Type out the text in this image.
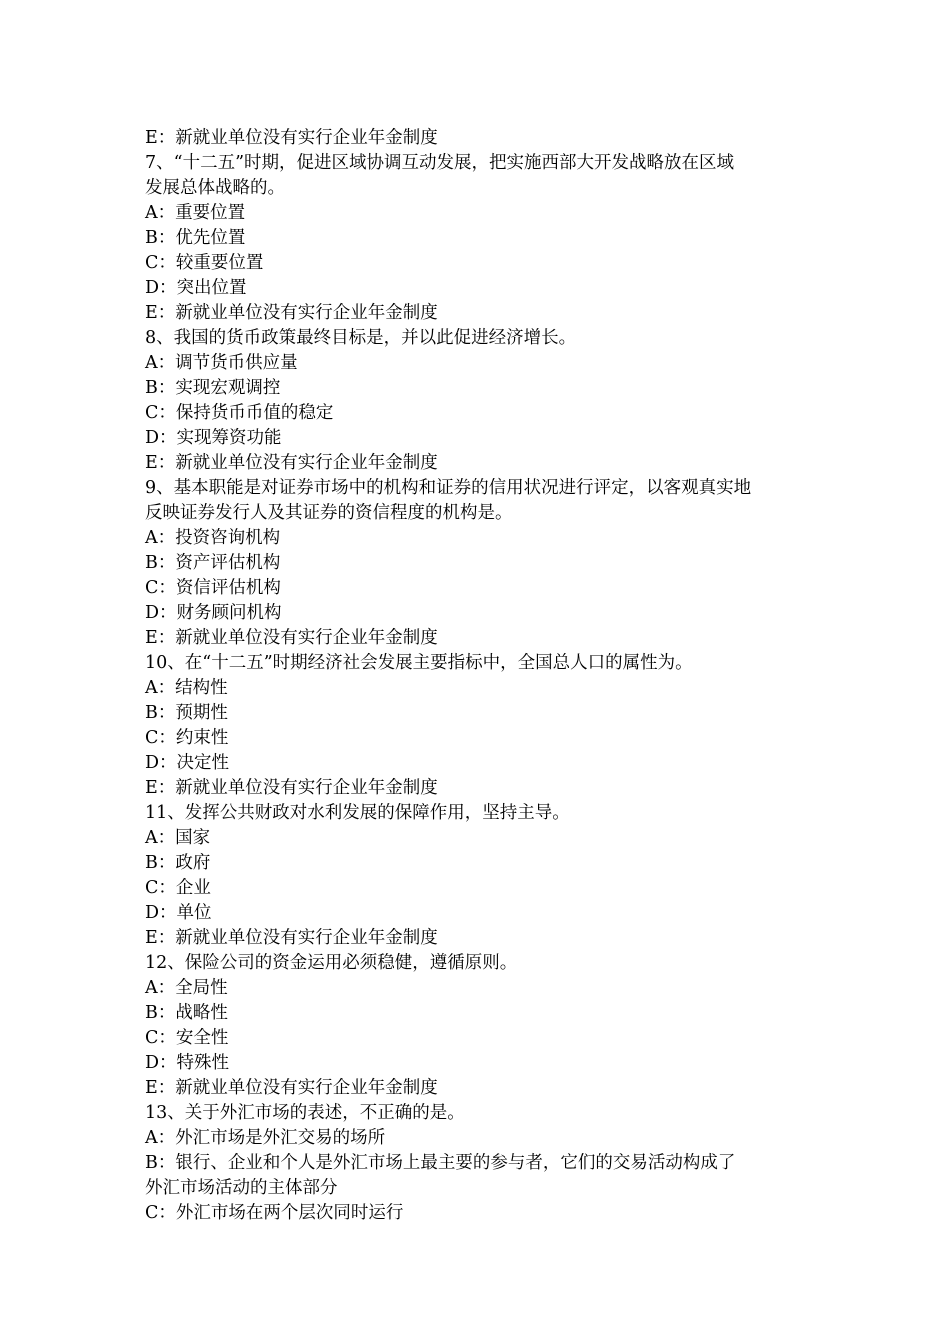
E：新就业单位没有实行企业年金制度

7、“十二五”时期，促进区域协调互动发展，把实施西部大开发战略放在区域

发展总体战略的。

A：重要位置

B：优先位置

C：较重要位置

D：突出位置

E：新就业单位没有实行企业年金制度

8、我国的货币政策最终目标是，并以此促进经济增长。

A：调节货币供应量

B：实现宏观调控

C：保持货币币值的稳定

D：实现筹资功能

E：新就业单位没有实行企业年金制度

9、基本职能是对证券市场中的机构和证券的信用状况进行评定，以客观真实地

反映证券发行人及其证券的资信程度的机构是。

A：投资咨询机构

B：资产评估机构

C：资信评估机构

D：财务顾问机构

E：新就业单位没有实行企业年金制度

10、在“十二五”时期经济社会发展主要指标中，全国总人口的属性为。

A：结构性

B：预期性

C：约束性

D：决定性

E：新就业单位没有实行企业年金制度

11、发挥公共财政对水利发展的保障作用，坚持主导。

A：国家

B：政府

C：企业

D：单位

E：新就业单位没有实行企业年金制度

12、保险公司的资金运用必须稳健，遵循原则。

A：全局性

B：战略性

C：安全性

D：特殊性

E：新就业单位没有实行企业年金制度

13、关于外汇市场的表述，不正确的是。

A：外汇市场是外汇交易的场所

B：银行、企业和个人是外汇市场上最主要的参与者，它们的交易活动构成了

外汇市场活动的主体部分

C：外汇市场在两个层次同时运行
